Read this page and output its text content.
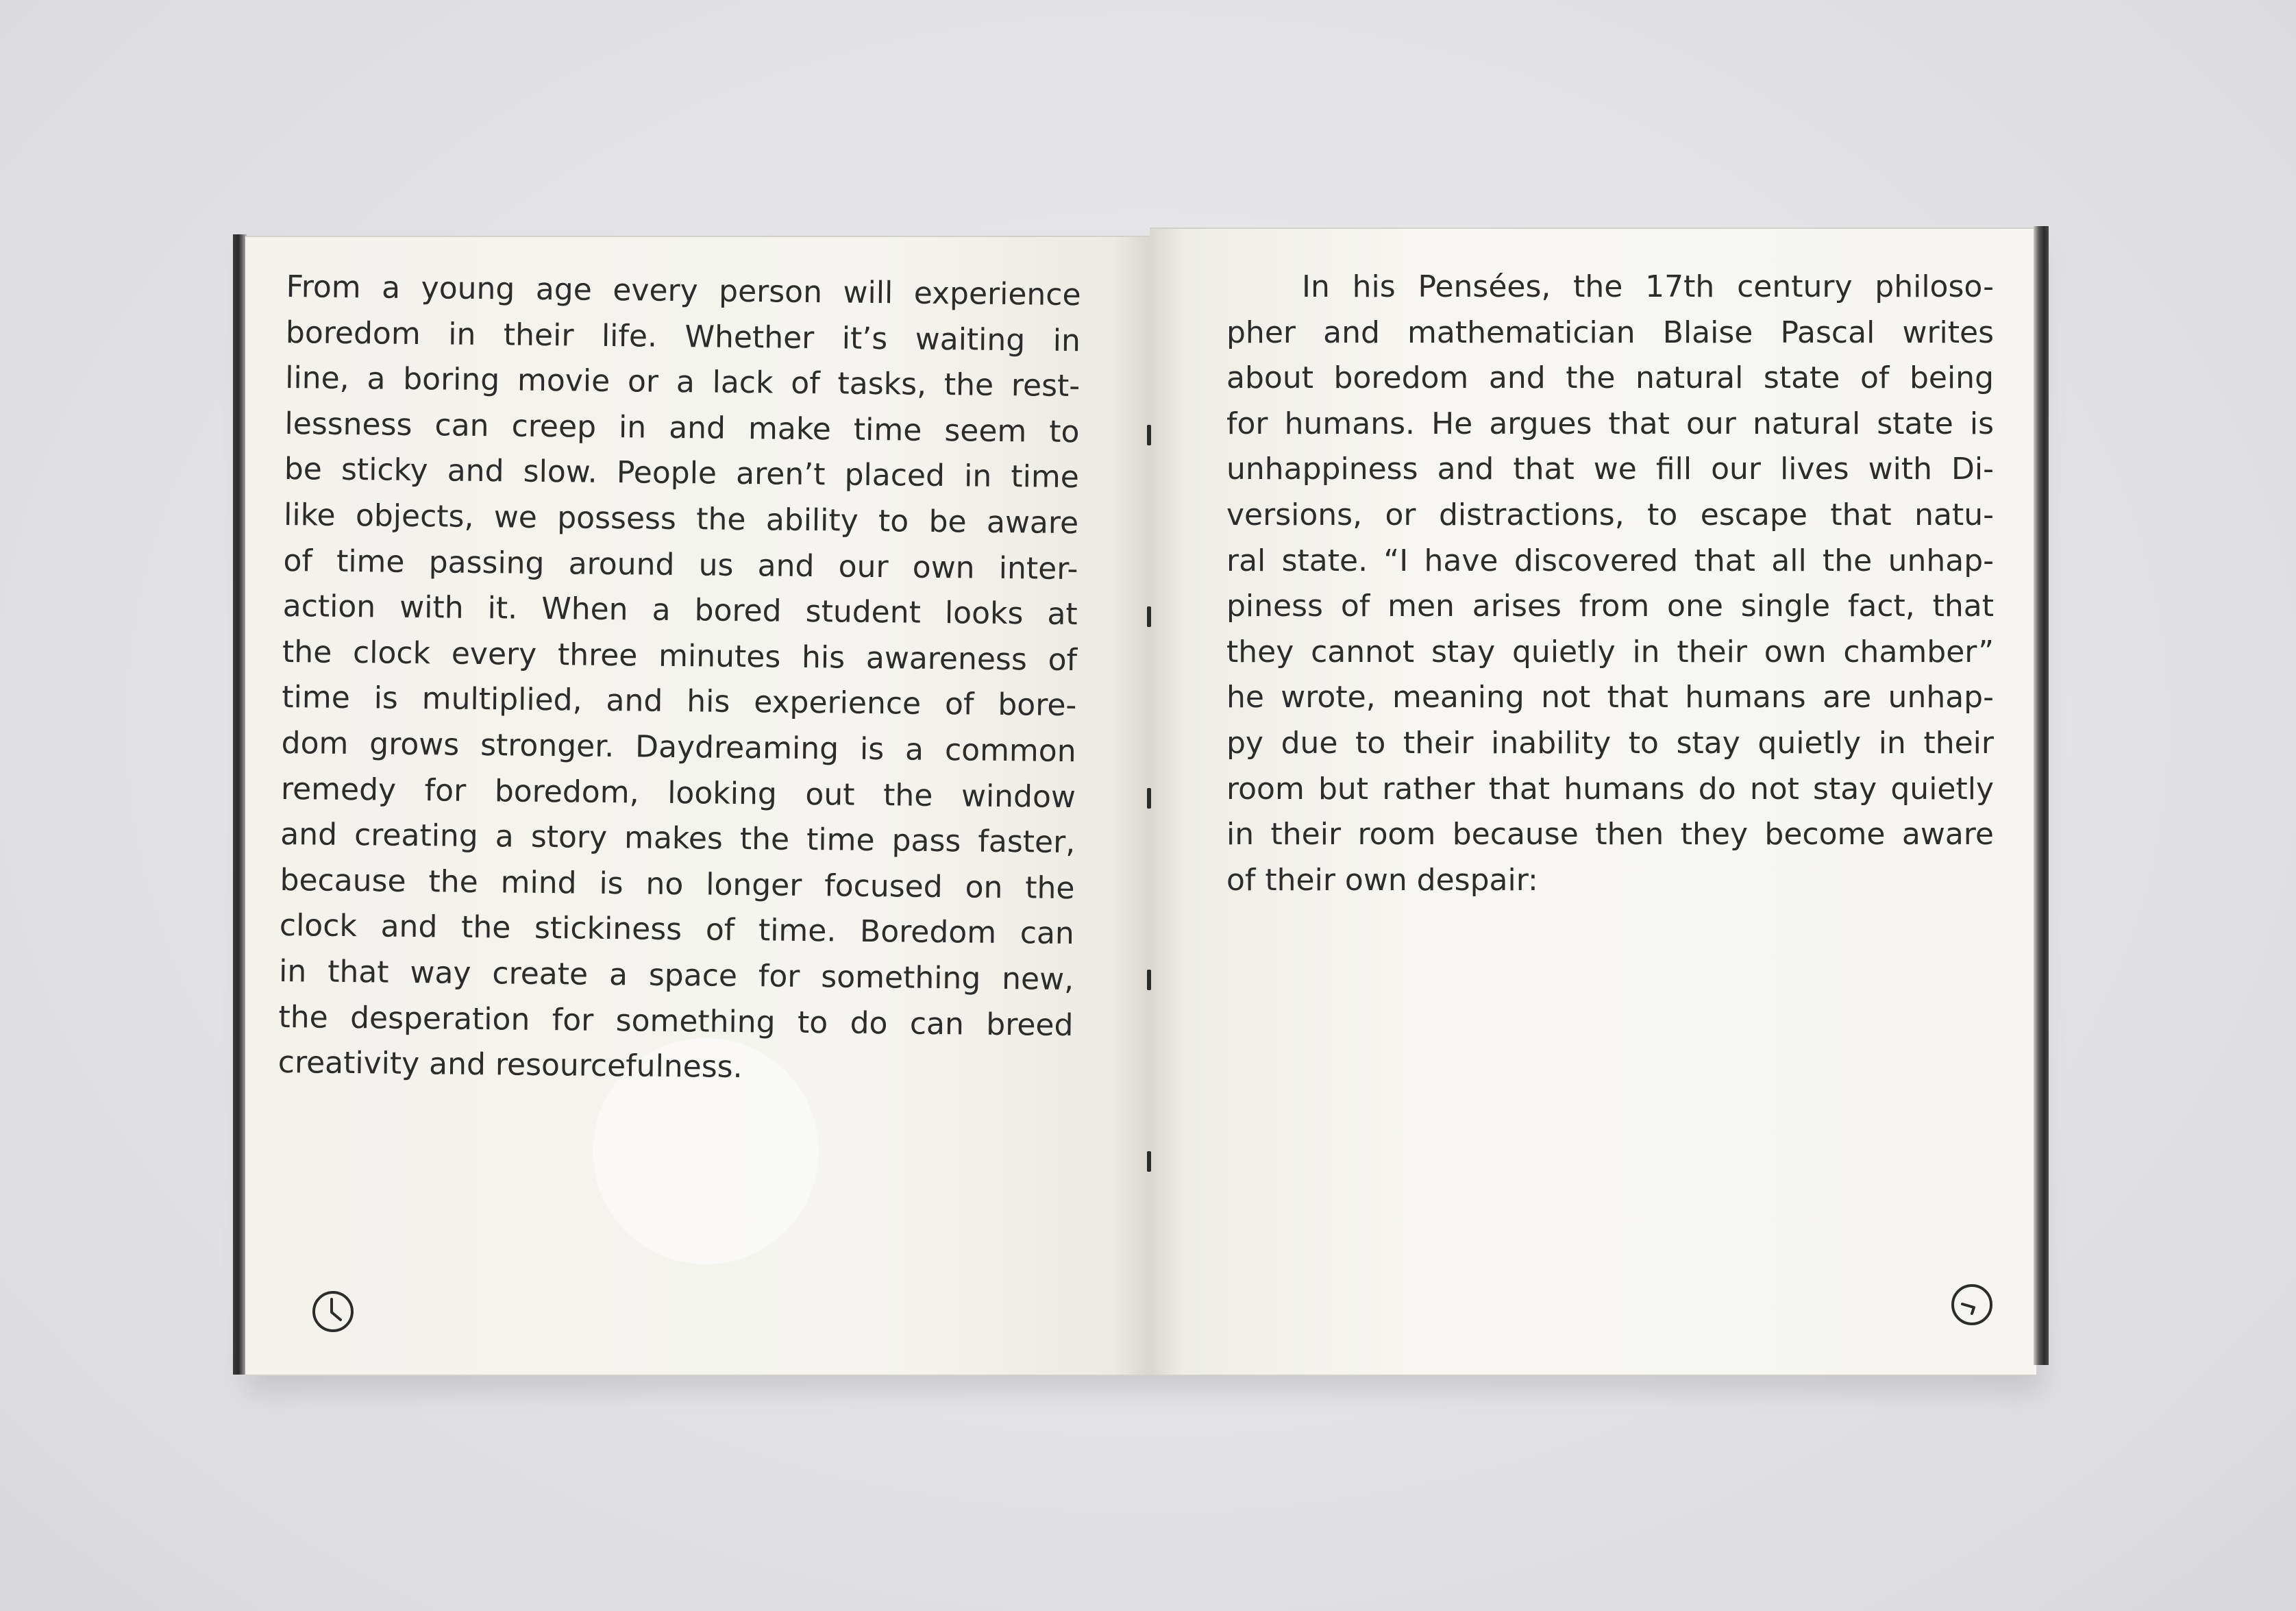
From a young age every person will experience
boredom in their life. Whether it’s waiting in
line, a boring movie or a lack of tasks, the rest-
lessness can creep in and make time seem to
be sticky and slow. People aren’t placed in time
like objects, we possess the ability to be aware
of time passing around us and our own inter-
action with it. When a bored student looks at
the clock every three minutes his awareness of
time is multiplied, and his experience of bore-
dom grows stronger. Daydreaming is a common
remedy for boredom, looking out the window
and creating a story makes the time pass faster,
because the mind is no longer focused on the
clock and the stickiness of time. Boredom can
in that way create a space for something new,
the desperation for something to do can breed
creativity and resourcefulness.
In his Pensées, the 17th century philoso-
pher and mathematician Blaise Pascal writes
about boredom and the natural state of being
for humans. He argues that our natural state is
unhappiness and that we fill our lives with Di-
versions, or distractions, to escape that natu-
ral state. “I have discovered that all the unhap-
piness of men arises from one single fact, that
they cannot stay quietly in their own chamber”
he wrote, meaning not that humans are unhap-
py due to their inability to stay quietly in their
room but rather that humans do not stay quietly
in their room because then they become aware
of their own despair:
